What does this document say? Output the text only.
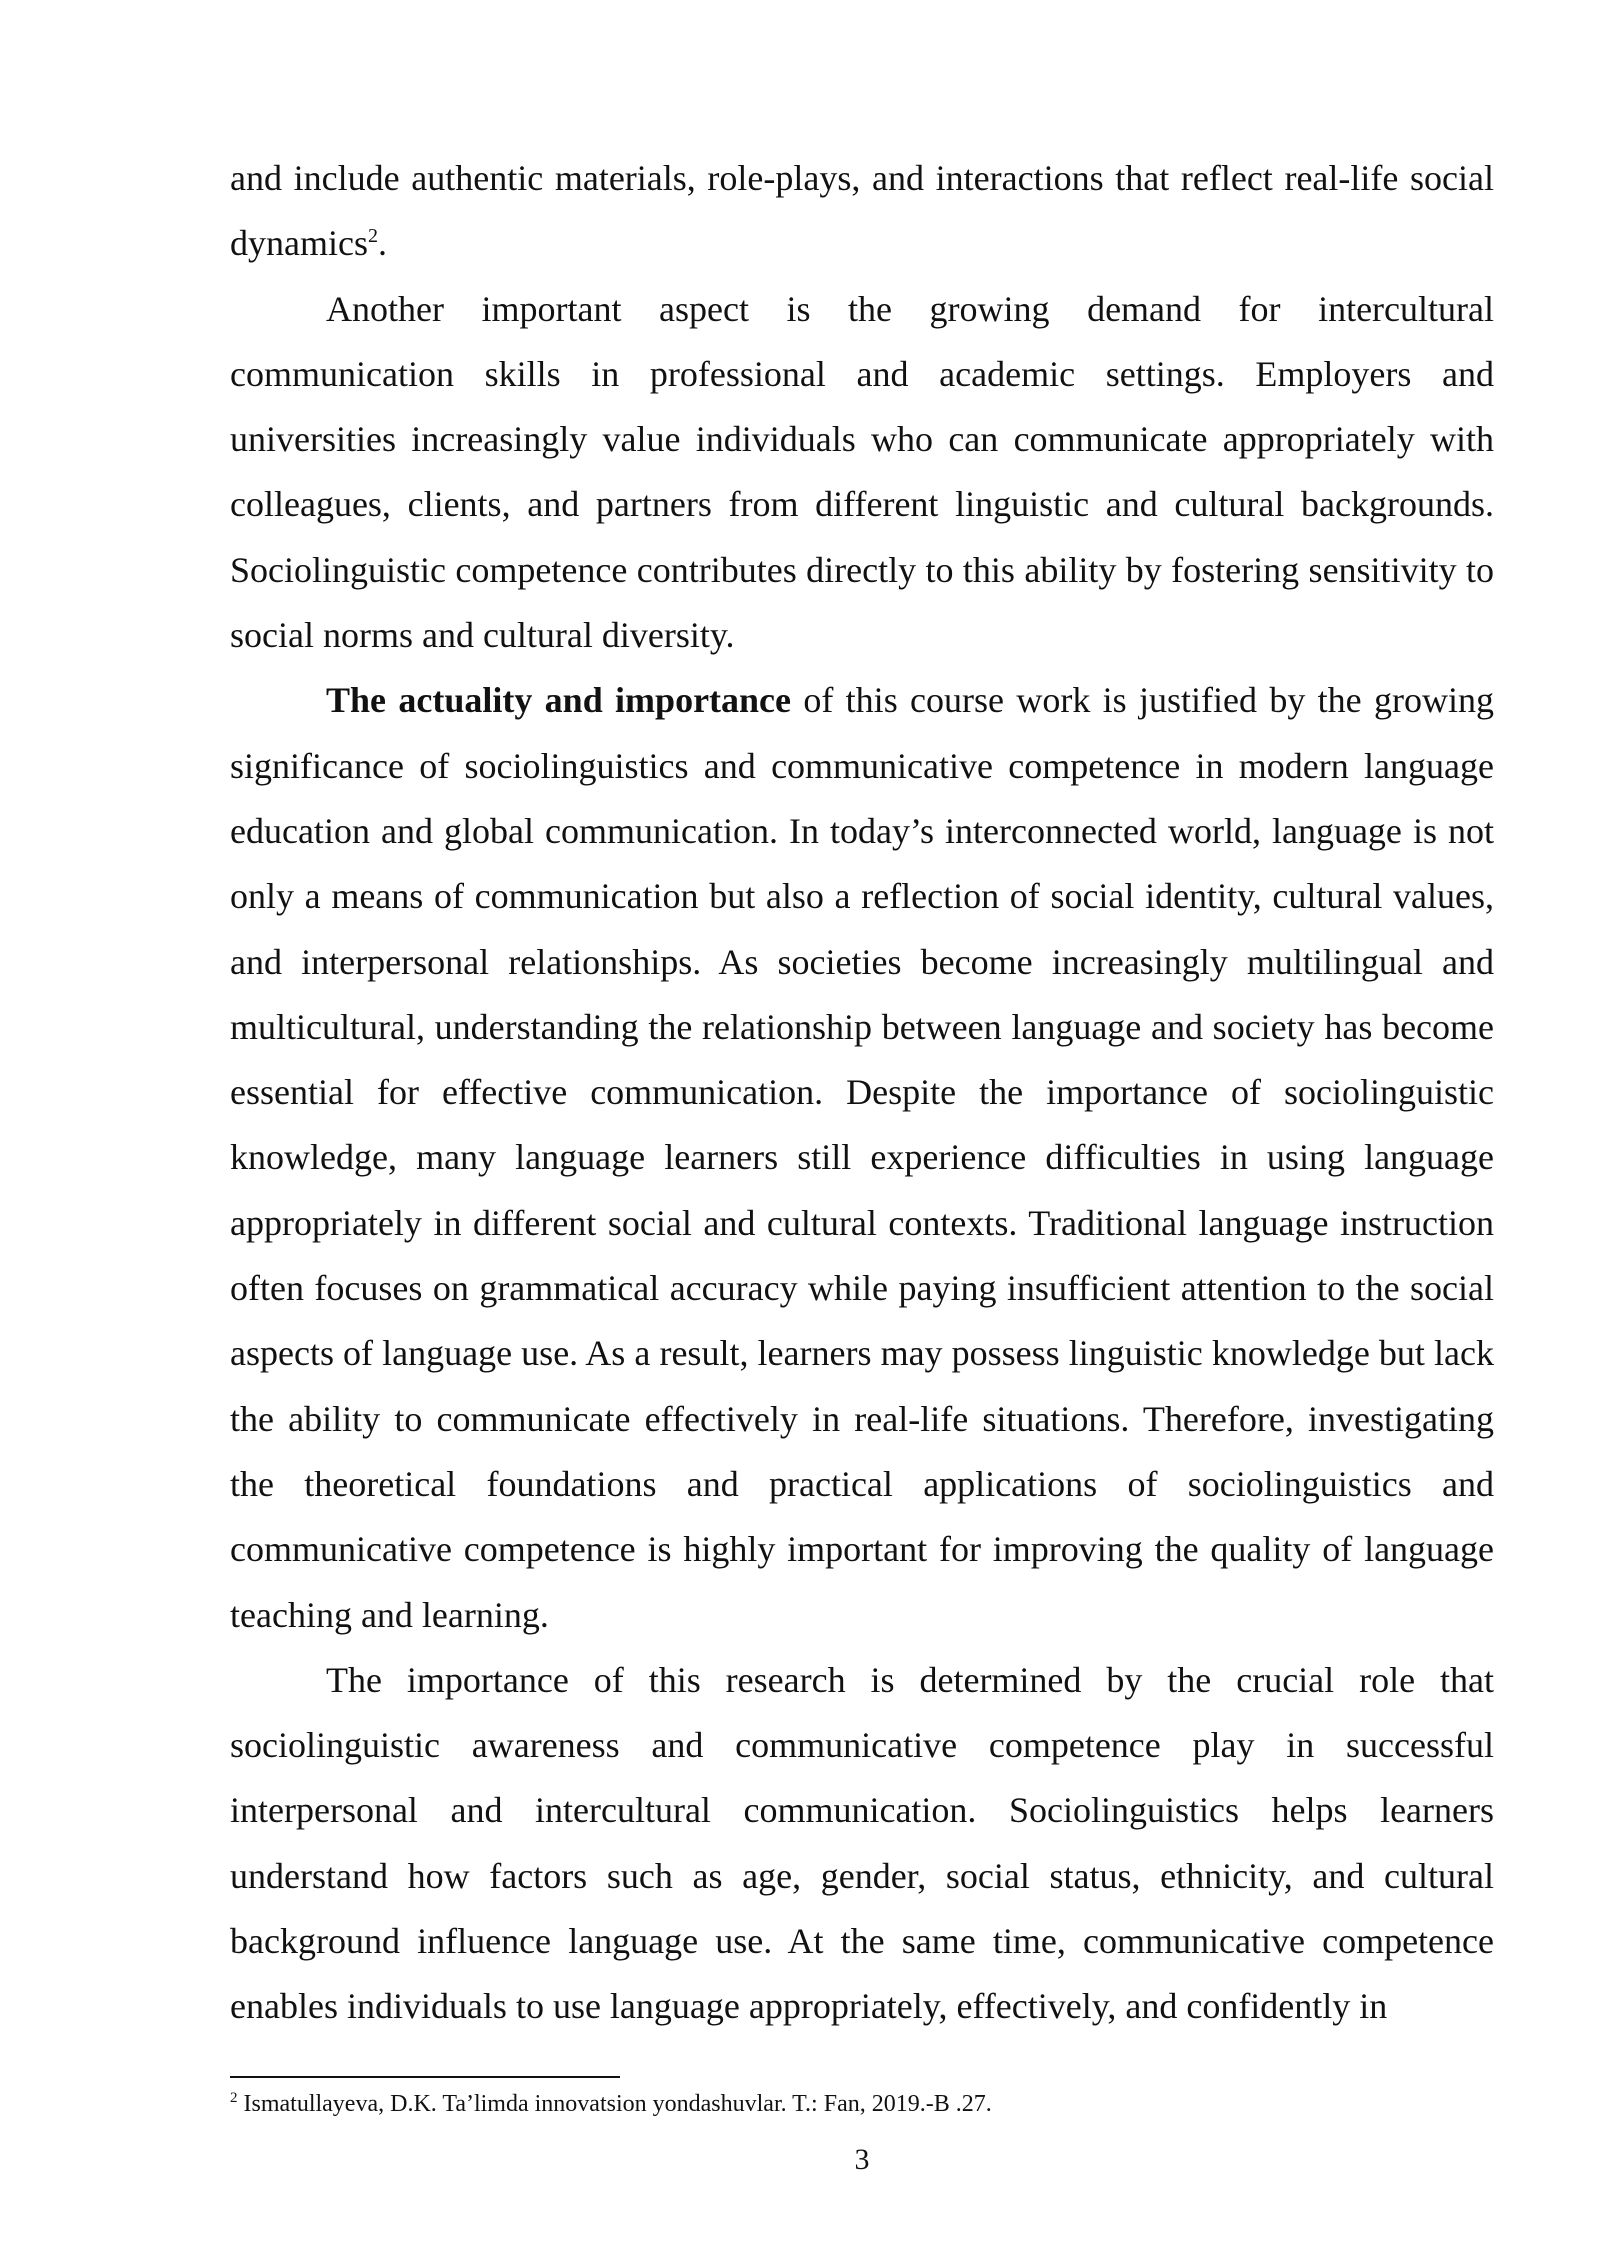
and include authentic materials, role-plays, and interactions that reflect real-life social dynamics$^2$.

Another important aspect is the growing demand for intercultural communication skills in professional and academic settings. Employers and universities increasingly value individuals who can communicate appropriately with colleagues, clients, and partners from different linguistic and cultural backgrounds. Sociolinguistic competence contributes directly to this ability by fostering sensitivity to social norms and cultural diversity.

The actuality and importance of this course work is justified by the growing significance of sociolinguistics and communicative competence in modern language education and global communication. In today’s interconnected world, language is not only a means of communication but also a reflection of social identity, cultural values, and interpersonal relationships. As societies become increasingly multilingual and multicultural, understanding the relationship between language and society has become essential for effective communication. Despite the importance of sociolinguistic knowledge, many language learners still experience difficulties in using language appropriately in different social and cultural contexts. Traditional language instruction often focuses on grammatical accuracy while paying insufficient attention to the social aspects of language use. As a result, learners may possess linguistic knowledge but lack the ability to communicate effectively in real-life situations. Therefore, investigating the theoretical foundations and practical applications of sociolinguistics and communicative competence is highly important for improving the quality of language teaching and learning.

The importance of this research is determined by the crucial role that sociolinguistic awareness and communicative competence play in successful interpersonal and intercultural communication. Sociolinguistics helps learners understand how factors such as age, gender, social status, ethnicity, and cultural background influence language use. At the same time, communicative competence enables individuals to use language appropriately, effectively, and confidently in

$^2$ Ismatullayeva, D.K. Ta’limda innovatsion yondashuvlar. T.: Fan, 2019.-B .27.
3
